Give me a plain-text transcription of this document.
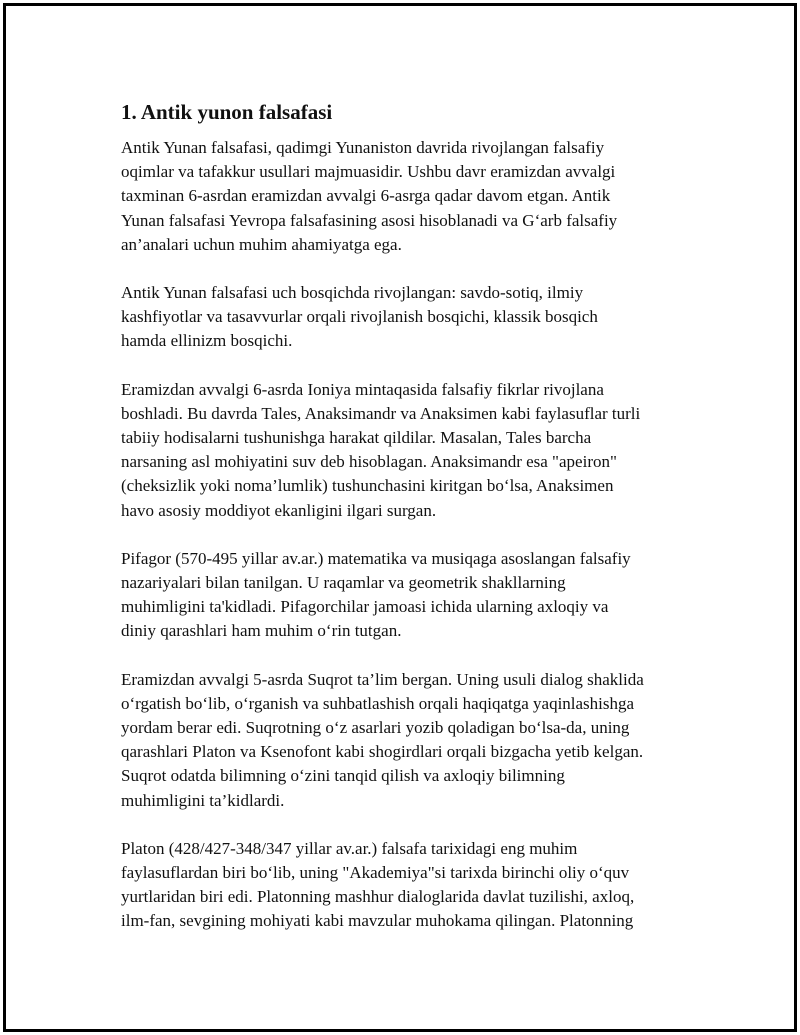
1. Antik yunon falsafasi

Antik Yunan falsafasi, qadimgi Yunaniston davrida rivojlangan falsafiy
oqimlar va tafakkur usullari majmuasidir. Ushbu davr eramizdan avvalgi
taxminan 6-asrdan eramizdan avvalgi 6-asrga qadar davom etgan. Antik
Yunan falsafasi Yevropa falsafasining asosi hisoblanadi va G‘arb falsafiy
an’analari uchun muhim ahamiyatga ega.

Antik Yunan falsafasi uch bosqichda rivojlangan: savdo-sotiq, ilmiy
kashfiyotlar va tasavvurlar orqali rivojlanish bosqichi, klassik bosqich
hamda ellinizm bosqichi.

Eramizdan avvalgi 6-asrda Ioniya mintaqasida falsafiy fikrlar rivojlana
boshladi. Bu davrda Tales, Anaksimandr va Anaksimen kabi faylasuflar turli
tabiiy hodisalarni tushunishga harakat qildilar. Masalan, Tales barcha
narsaning asl mohiyatini suv deb hisoblagan. Anaksimandr esa "apeiron"
(cheksizlik yoki noma’lumlik) tushunchasini kiritgan bo‘lsa, Anaksimen
havo asosiy moddiyot ekanligini ilgari surgan.

Pifagor (570-495 yillar av.ar.) matematika va musiqaga asoslangan falsafiy
nazariyalari bilan tanilgan. U raqamlar va geometrik shakllarning
muhimligini ta'kidladi. Pifagorchilar jamoasi ichida ularning axloqiy va
diniy qarashlari ham muhim o‘rin tutgan.

Eramizdan avvalgi 5-asrda Suqrot ta’lim bergan. Uning usuli dialog shaklida
o‘rgatish bo‘lib, o‘rganish va suhbatlashish orqali haqiqatga yaqinlashishga
yordam berar edi. Suqrotning o‘z asarlari yozib qoladigan bo‘lsa-da, uning
qarashlari Platon va Ksenofont kabi shogirdlari orqali bizgacha yetib kelgan.
Suqrot odatda bilimning o‘zini tanqid qilish va axloqiy bilimning
muhimligini ta’kidlardi.

Platon (428/427-348/347 yillar av.ar.) falsafa tarixidagi eng muhim
faylasuflardan biri bo‘lib, uning "Akademiya"si tarixda birinchi oliy o‘quv
yurtlaridan biri edi. Platonning mashhur dialoglarida davlat tuzilishi, axloq,
ilm-fan, sevgining mohiyati kabi mavzular muhokama qilingan. Platonning
